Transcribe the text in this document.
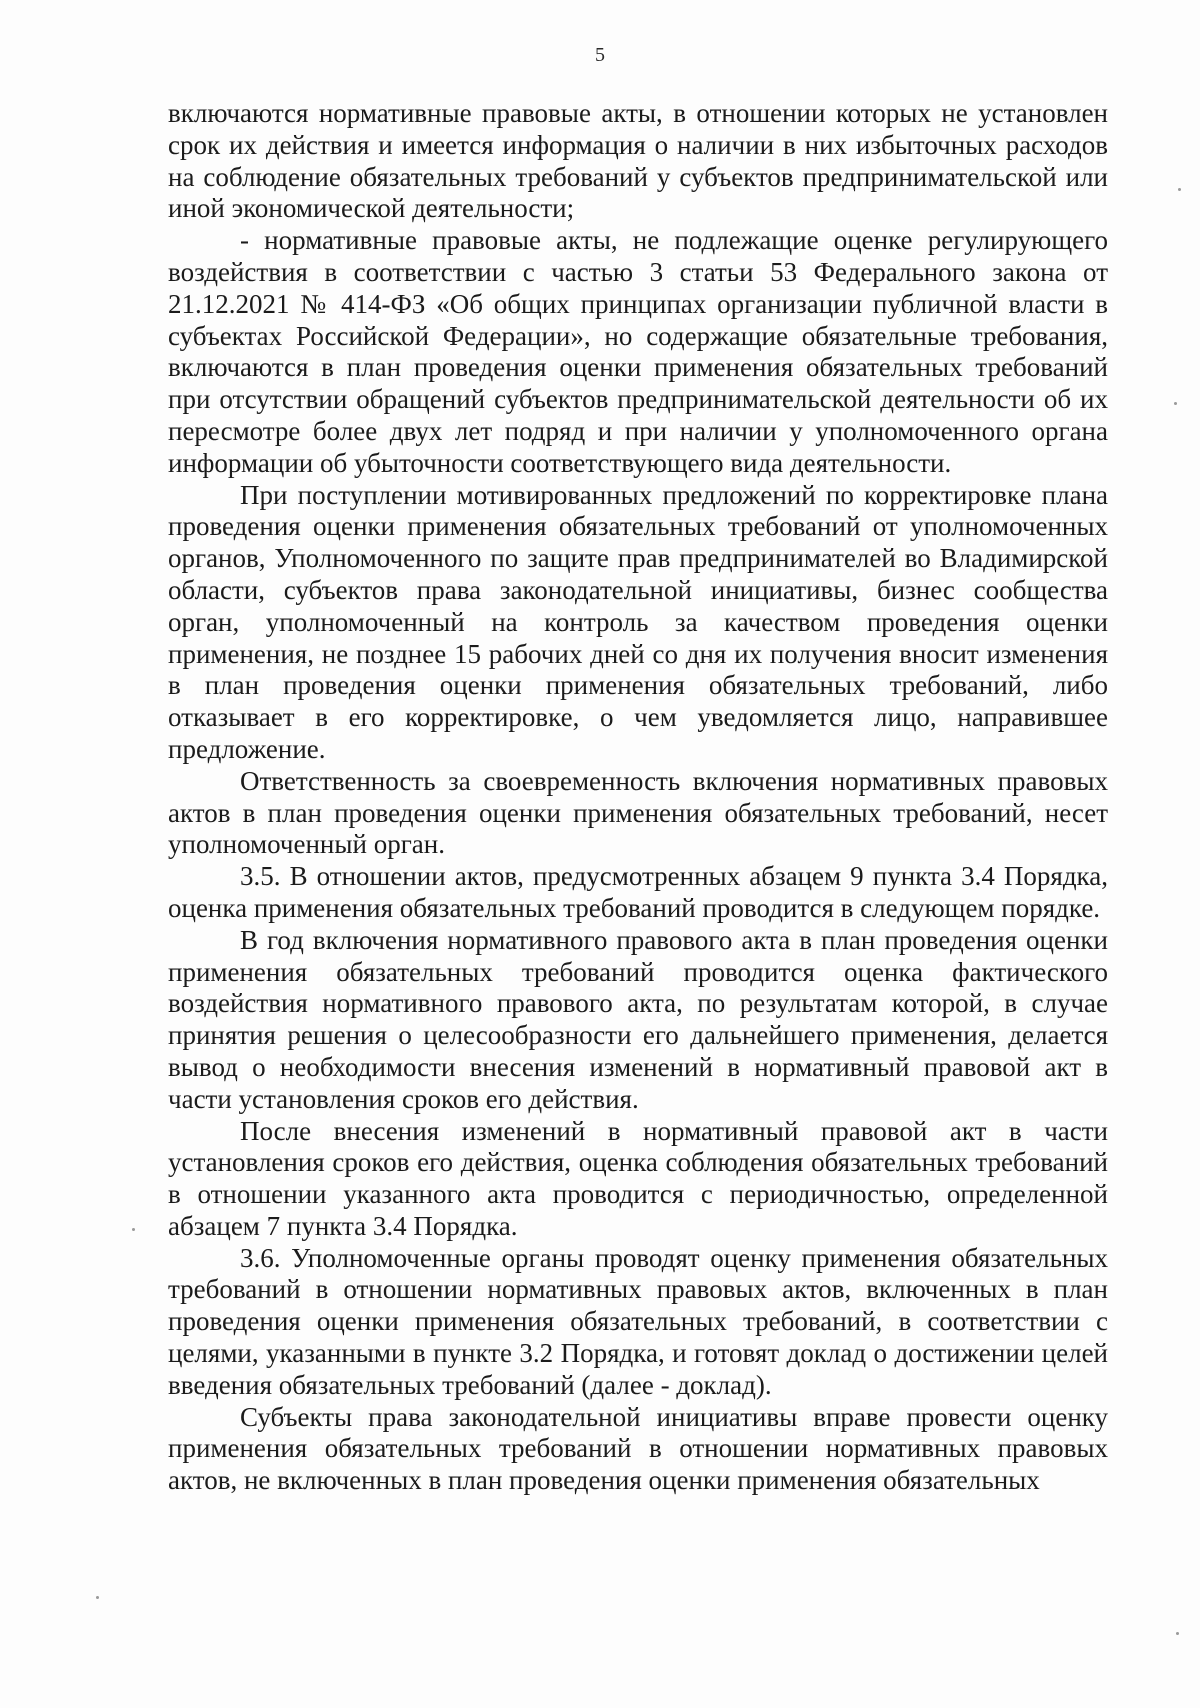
5

включаются нормативные правовые акты, в отношении которых не установлен срок их действия и имеется информация о наличии в них избыточных расходов на соблюдение обязательных требований у субъектов предпринимательской или иной экономической деятельности;

- нормативные правовые акты, не подлежащие оценке регулирующего воздействия в соответствии с частью 3 статьи 53 Федерального закона от 21.12.2021 № 414-ФЗ «Об общих принципах организации публичной власти в субъектах Российской Федерации», но содержащие обязательные требования, включаются в план проведения оценки применения обязательных требований при отсутствии обращений субъектов предпринимательской деятельности об их пересмотре более двух лет подряд и при наличии у уполномоченного органа информации об убыточности соответствующего вида деятельности.

При поступлении мотивированных предложений по корректировке плана проведения оценки применения обязательных требований от уполномоченных органов, Уполномоченного по защите прав предпринимателей во Владимирской области, субъектов права законодательной инициативы, бизнес сообщества орган, уполномоченный на контроль за качеством проведения оценки применения, не позднее 15 рабочих дней со дня их получения вносит изменения в план проведения оценки применения обязательных требований, либо отказывает в его корректировке, о чем уведомляется лицо, направившее предложение.

Ответственность за своевременность включения нормативных правовых актов в план проведения оценки применения обязательных требований, несет уполномоченный орган.

3.5. В отношении актов, предусмотренных абзацем 9 пункта 3.4 Порядка, оценка применения обязательных требований проводится в следующем порядке.

В год включения нормативного правового акта в план проведения оценки применения обязательных требований проводится оценка фактического воздействия нормативного правового акта, по результатам которой, в случае принятия решения о целесообразности его дальнейшего применения, делается вывод о необходимости внесения изменений в нормативный правовой акт в части установления сроков его действия.

После внесения изменений в нормативный правовой акт в части установления сроков его действия, оценка соблюдения обязательных требований в отношении указанного акта проводится с периодичностью, определенной абзацем 7 пункта 3.4 Порядка.

3.6. Уполномоченные органы проводят оценку применения обязательных требований в отношении нормативных правовых актов, включенных в план проведения оценки применения обязательных требований, в соответствии с целями, указанными в пункте 3.2 Порядка, и готовят доклад о достижении целей введения обязательных требований (далее - доклад).

Субъекты права законодательной инициативы вправе провести оценку применения обязательных требований в отношении нормативных правовых актов, не включенных в план проведения оценки применения обязательных
